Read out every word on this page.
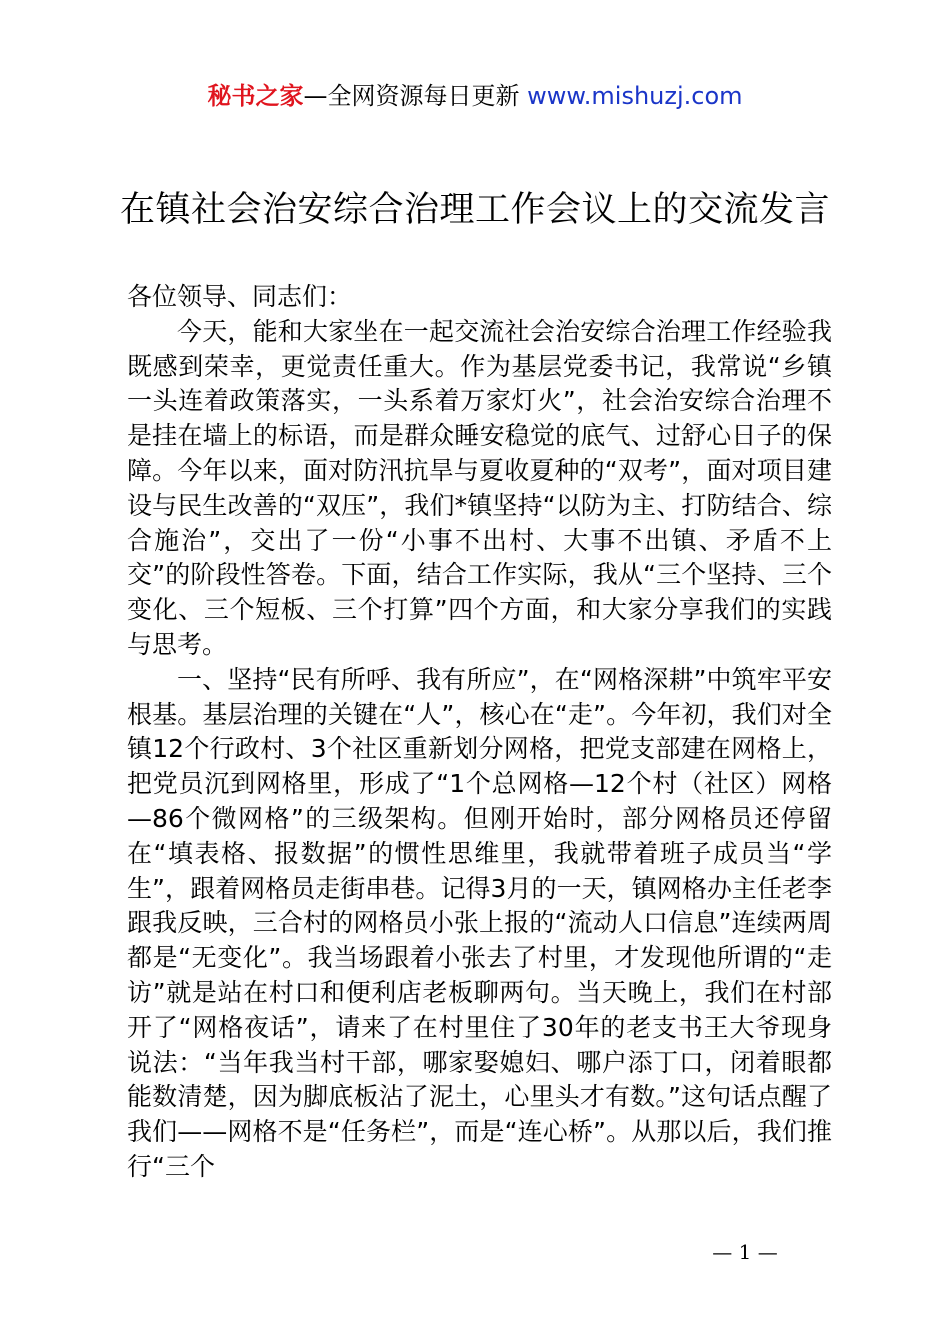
秘书之家—全网资源每日更新 www.mishuzj.com
在镇社会治安综合治理工作会议上的交流发言

各位领导、同志们：

今天，能和大家坐在一起交流社会治安综合治理工作经验我既感到荣幸，更觉责任重大。作为基层党委书记，我常说“乡镇一头连着政策落实，一头系着万家灯火”，社会治安综合治理不是挂在墙上的标语，而是群众睡安稳觉的底气、过舒心日子的保障。今年以来，面对防汛抗旱与夏收夏种的“双考”，面对项目建设与民生改善的“双压”，我们*镇坚持“以防为主、打防结合、综合施治”，交出了一份“小事不出村、大事不出镇、矛盾不上交”的阶段性答卷。下面，结合工作实际，我从“三个坚持、三个变化、三个短板、三个打算”四个方面，和大家分享我们的实践与思考。

一、坚持“民有所呼、我有所应”，在“网格深耕”中筑牢平安根基。基层治理的关键在“人”，核心在“走”。今年初，我们对全镇12个行政村、3个社区重新划分网格，把党支部建在网格上，把党员沉到网格里，形成了“1个总网格—12个村（社区）网格—86个微网格”的三级架构。但刚开始时，部分网格员还停留在“填表格、报数据”的惯性思维里，我就带着班子成员当“学生”，跟着网格员走街串巷。记得3月的一天，镇网格办主任老李跟我反映，三合村的网格员小张上报的“流动人口信息”连续两周都是“无变化”。我当场跟着小张去了村里，才发现他所谓的“走访”就是站在村口和便利店老板聊两句。当天晚上，我们在村部开了“网格夜话”，请来了在村里住了30年的老支书王大爷现身说法：“当年我当村干部，哪家娶媳妇、哪户添丁口，闭着眼都能数清楚，因为脚底板沾了泥土，心里头才有数。”这句话点醒了我们——网格不是“任务栏”，而是“连心桥”。从那以后，我们推行“三个

— 1 —
